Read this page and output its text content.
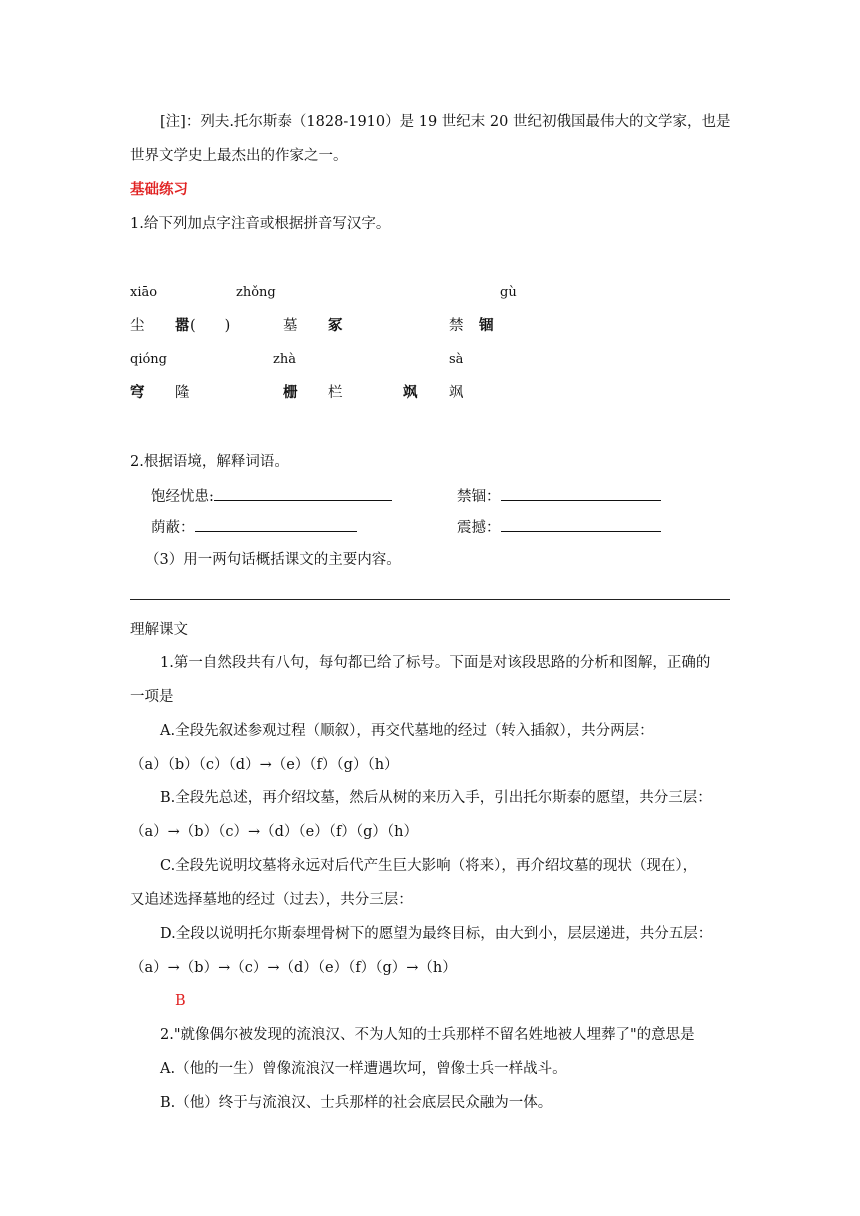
[注]：列夫.托尔斯泰（1828-1910）是 19 世纪末 20 世纪初俄国最伟大的文学家，也是
世界文学史上最杰出的作家之一。
基础练习
1.给下列加点字注音或根据拼音写汉字。
xiāo	zhǒng	gù
尘 嚣 (　　)	墓 冢	禁 锢
qióng	zhà	sà
穹 隆	栅 栏	飒 飒
2.根据语境，解释词语。
饱经忧患:	禁锢：
荫蔽：	震撼：
（3）用一两句话概括课文的主要内容。
理解课文
1.第一自然段共有八句，每句都已给了标号。下面是对该段思路的分析和图解，正确的
一项是
A.全段先叙述参观过程（顺叙），再交代墓地的经过（转入插叙），共分两层：
（a）（b）（c）（d）→（e）（f）（g）（h）
B.全段先总述，再介绍坟墓，然后从树的来历入手，引出托尔斯泰的愿望，共分三层：
（a）→（b）（c）→（d）（e）（f）（g）（h）
C.全段先说明坟墓将永远对后代产生巨大影响（将来），再介绍坟墓的现状（现在），
又追述选择墓地的经过（过去），共分三层：
D.全段以说明托尔斯泰埋骨树下的愿望为最终目标，由大到小，层层递进，共分五层：
（a）→（b）→（c）→（d）（e）（f）（g）→（h）
B
2."就像偶尔被发现的流浪汉、不为人知的士兵那样不留名姓地被人埋葬了"的意思是
A.（他的一生）曾像流浪汉一样遭遇坎坷，曾像士兵一样战斗。
B.（他）终于与流浪汉、士兵那样的社会底层民众融为一体。
